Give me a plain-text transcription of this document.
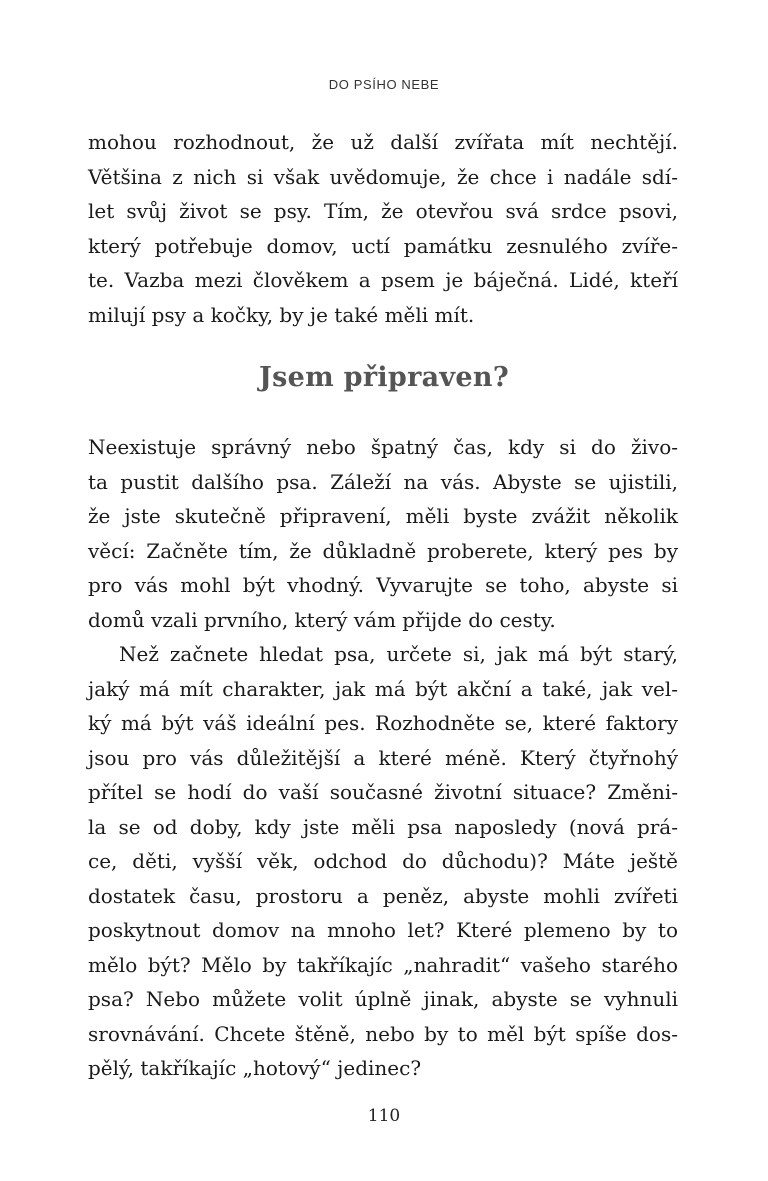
DO PSÍHO NEBE
mohou rozhodnout, že už další zvířata mít nechtějí.
Většina z nich si však uvědomuje, že chce i nadále sdí-
let svůj život se psy. Tím, že otevřou svá srdce psovi,
který potřebuje domov, uctí památku zesnulého zvíře-
te. Vazba mezi člověkem a psem je báječná. Lidé, kteří
milují psy a kočky, by je také měli mít.
Jsem připraven?
Neexistuje správný nebo špatný čas, kdy si do živo-
ta pustit dalšího psa. Záleží na vás. Abyste se ujistili,
že jste skutečně připravení, měli byste zvážit několik
věcí: Začněte tím, že důkladně proberete, který pes by
pro vás mohl být vhodný. Vyvarujte se toho, abyste si
domů vzali prvního, který vám přijde do cesty.
Než začnete hledat psa, určete si, jak má být starý,
jaký má mít charakter, jak má být akční a také, jak vel-
ký má být váš ideální pes. Rozhodněte se, které faktory
jsou pro vás důležitější a které méně. Který čtyřnohý
přítel se hodí do vaší současné životní situace? Změni-
la se od doby, kdy jste měli psa naposledy (nová prá-
ce, děti, vyšší věk, odchod do důchodu)? Máte ještě
dostatek času, prostoru a peněz, abyste mohli zvířeti
poskytnout domov na mnoho let? Které plemeno by to
mělo být? Mělo by takříkajíc „nahradit“ vašeho starého
psa? Nebo můžete volit úplně jinak, abyste se vyhnuli
srovnávání. Chcete štěně, nebo by to měl být spíše dos-
pělý, takříkajíc „hotový“ jedinec?
110
